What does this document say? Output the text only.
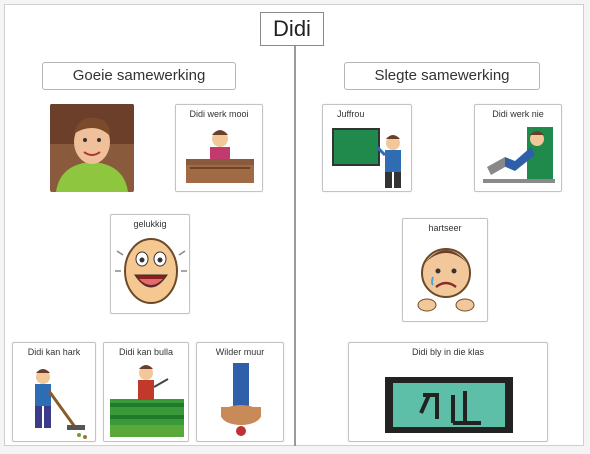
Didi
Goeie samewerking
Didi werk mooi
gelukkig
Didi kan hark	Didi kan bulla	Wilder muur
Slegte samewerking
Juffrou	Didi werk nie
hartseer
Didi bly in die klas
